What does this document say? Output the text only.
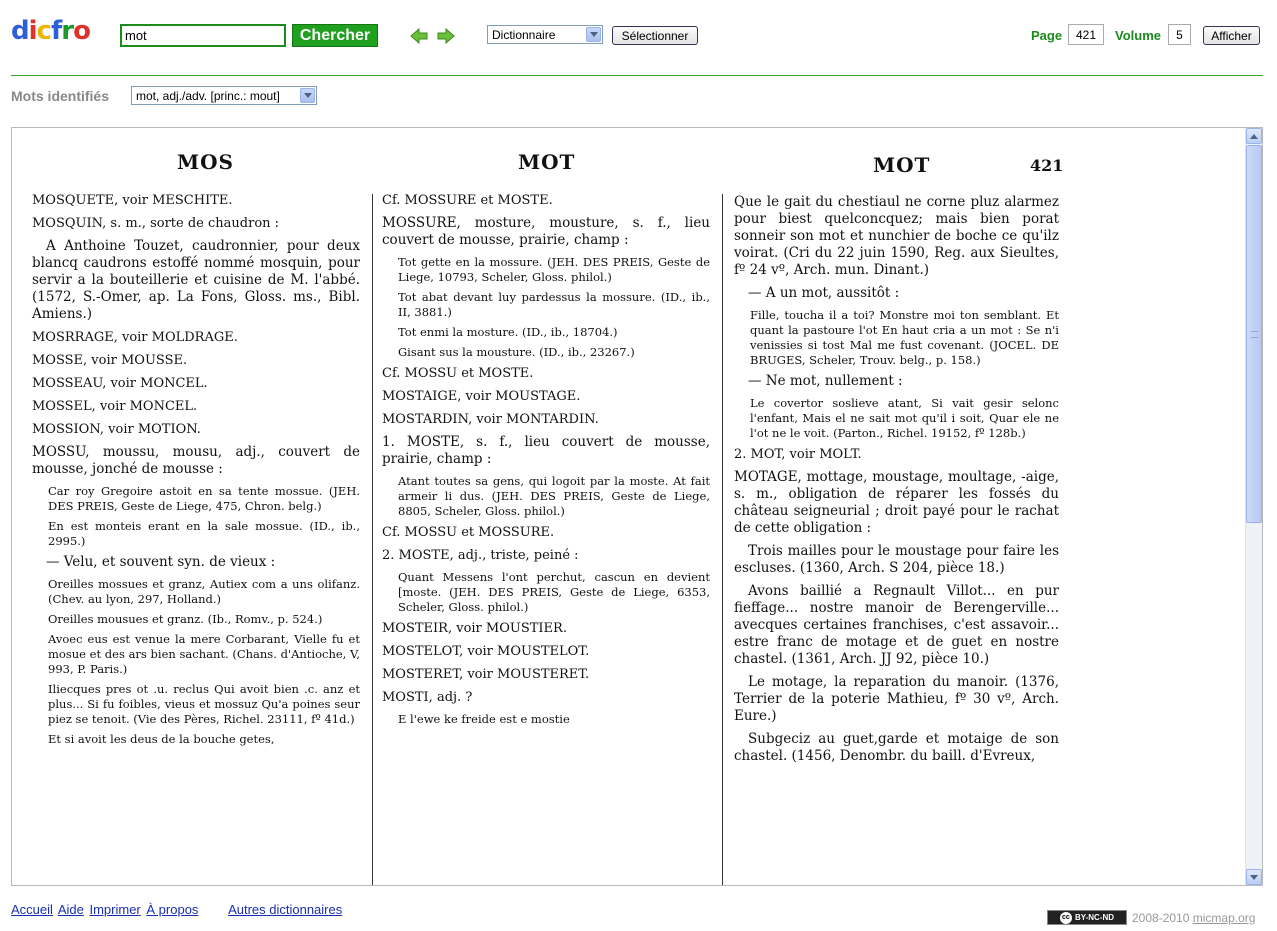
dicfro
mot	Chercher	Dictionnaire	Sélectionner	Page	421	Volume	5	Afficher
Mots identifiés mot, adj./adv. [princ.: mout]
MOS	MOT	MOT	421

MOSQUETE, voir MESCHITE.

MOSQUIN, s. m., sorte de chaudron :

A Anthoine Touzet, caudronnier, pour deux blancq caudrons estoffé nommé mosquin, pour servir a la bouteillerie et cuisine de M. l'abbé. (1572, S.-Omer, ap. La Fons, Gloss. ms., Bibl. Amiens.)

MOSRRAGE, voir MOLDRAGE.

MOSSE, voir MOUSSE.

MOSSEAU, voir MONCEL.

MOSSEL, voir MONCEL.

MOSSION, voir MOTION.

MOSSU, moussu, mousu, adj., couvert de mousse, jonché de mousse :

Car roy Gregoire astoit en sa tente mossue. (JEH. DES PREIS, Geste de Liege, 475, Chron. belg.)

En est monteis erant en la sale mossue. (ID., ib., 2995.)

— Velu, et souvent syn. de vieux :

Oreilles mossues et granz, Autiex com a uns olifanz. (Chev. au lyon, 297, Holland.)

Oreilles mousues et granz. (Ib., Romv., p. 524.)

Avoec eus est venue la mere Corbarant, Vielle fu et mosue et des ars bien sachant. (Chans. d'Antioche, V, 993, P. Paris.)

Iliecques pres ot .u. reclus Qui avoit bien .c. anz et plus... Si fu foibles, vieus et mossuz Qu'a poines seur piez se tenoit. (Vie des Pères, Richel. 23111, fº 41d.)

Et si avoit les deus de la bouche getes,

Cf. MOSSURE et MOSTE.

MOSSURE, mosture, mousture, s. f., lieu couvert de mousse, prairie, champ :

Tot gette en la mossure. (JEH. DES PREIS, Geste de Liege, 10793, Scheler, Gloss. philol.)

Tot abat devant luy pardessus la mossure. (ID., ib., II, 3881.)

Tot enmi la mosture. (ID., ib., 18704.)

Gisant sus la mousture. (ID., ib., 23267.)

Cf. MOSSU et MOSTE.

MOSTAIGE, voir MOUSTAGE.

MOSTARDIN, voir MONTARDIN.

1. MOSTE, s. f., lieu couvert de mousse, prairie, champ :

Atant toutes sa gens, qui logoit par la moste. At fait armeir li dus. (JEH. DES PREIS, Geste de Liege, 8805, Scheler, Gloss. philol.)

Cf. MOSSU et MOSSURE.

2. MOSTE, adj., triste, peiné :

Quant Messens l'ont perchut, cascun en devient [moste. (JEH. DES PREIS, Geste de Liege, 6353, Scheler, Gloss. philol.)

MOSTEIR, voir MOUSTIER.

MOSTELOT, voir MOUSTELOT.

MOSTERET, voir MOUSTERET.

MOSTI, adj. ?

E l'ewe ke freide est e mostie

Que le gait du chestiaul ne corne pluz alarmez pour biest quelconcquez; mais bien porat sonneir son mot et nunchier de boche ce qu'ilz voirat. (Cri du 22 juin 1590, Reg. aux Sieultes, fº 24 vº, Arch. mun. Dinant.)

— A un mot, aussitôt :

Fille, toucha il a toi? Monstre moi ton semblant. Et quant la pastoure l'ot En haut cria a un mot : Se n'i venissies si tost Mal me fust covenant. (JOCEL. DE BRUGES, Scheler, Trouv. belg., p. 158.)

— Ne mot, nullement :

Le covertor soslieve atant, Si vait gesir selonc l'enfant, Mais el ne sait mot qu'il i soit, Quar ele ne l'ot ne le voit. (Parton., Richel. 19152, fº 128b.)

2. MOT, voir MOLT.

MOTAGE, mottage, moustage, moultage, -aige, s. m., obligation de réparer les fossés du château seigneurial ; droit payé pour le rachat de cette obligation :

Trois mailles pour le moustage pour faire les escluses. (1360, Arch. S 204, pièce 18.)

Avons baillié a Regnault Villot... en pur fieffage... nostre manoir de Berengerville... avecques certaines franchises, c'est assavoir... estre franc de motage et de guet en nostre chastel. (1361, Arch. JJ 92, pièce 10.)

Le motage, la reparation du manoir. (1376, Terrier de la poterie Mathieu, fº 30 vº, Arch. Eure.)

Subgeciz au guet,garde et motaige de son chastel. (1456, Denombr. du baill. d'Evreux,

Accueil Aide Imprimer À propos Autres dictionnaires
cc BY-NC-ND 2008-2010 micmap.org
